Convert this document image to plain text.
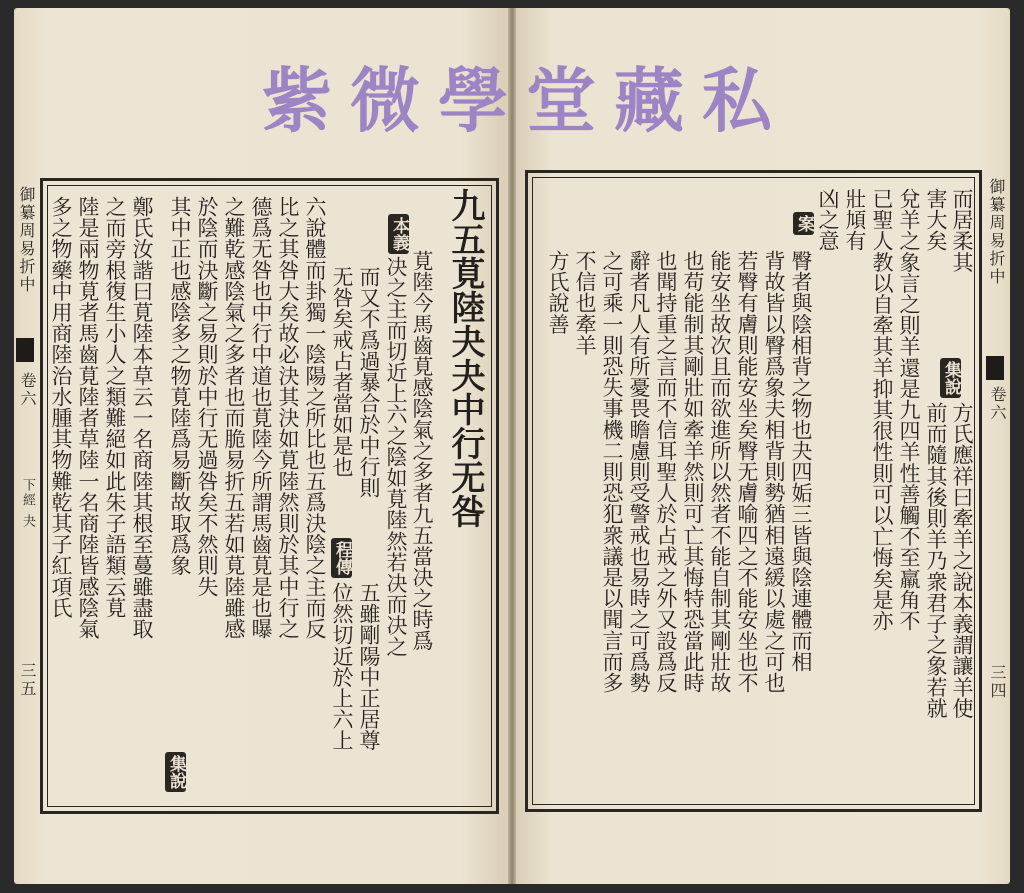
紫 微 學 堂 藏 私
御纂周易折中
卷六
下經 夬
三五
御纂周易折中
卷六
三四
九五莧陸夬夬中行无咎
本義
莧陸今馬齒莧感陰氣之多者九五當决之時爲
决之主而切近上六之陰如莧陸然若决而决之
而又不爲過暴合於中行則
无咎矣戒占者當如是也
程傳
五雖剛陽中正居尊
位然切近於上六上
六說體而卦獨一陰陽之所比也五爲決陰之主而反
比之其咎大矣故必決其決如莧陸然則於其中行之
德爲无咎也中行中道也莧陸今所謂馬齒莧是也曝
之難乾感陰氣之多者也而脆易折五若如莧陸雖感
於陰而決斷之易則於中行无過咎矣不然則失
其中正也感陰多之物莧陸爲易斷故取爲象
集說
鄭氏汝諧曰莧陸本草云一名商陸其根至蔓雖盡取
之而旁根復生小人之類難絕如此朱子語類云莧
陸是兩物莧者馬齒莧陸者草陸一名商陸皆感陰氣
多之物藥中用商陸治水腫其物難乾其子紅項氏	而居柔其
害大矣
集說
方氏應祥曰牽羊之說本義謂讓羊使
前而隨其後則羊乃衆君子之象若就
兌羊之象言之則羊還是九四羊性善觸不至羸角不
已聖人教以自牽其羊抑其很性則可以亡悔矣是亦
壯頄有
凶之意
案
臀者與陰相背之物也夬四姤三皆與陰連體而相
背故皆以臀爲象夫相背則勢猶相遠緩以處之可也
若臀有膚則能安坐矣臀无膚喻四之不能安坐也不
能安坐故次且而欲進所以然者不能自制其剛壯故
也苟能制其剛壯如牽羊然則可亡其悔特恐當此時
也聞持重之言而不信耳聖人於占戒之外又設爲反
辭者凡人有所憂畏瞻慮則受警戒也易時之可爲勢
之可乘一則恐失事機二則恐犯衆議是以聞言而多
不信也牽羊
方氏說善
